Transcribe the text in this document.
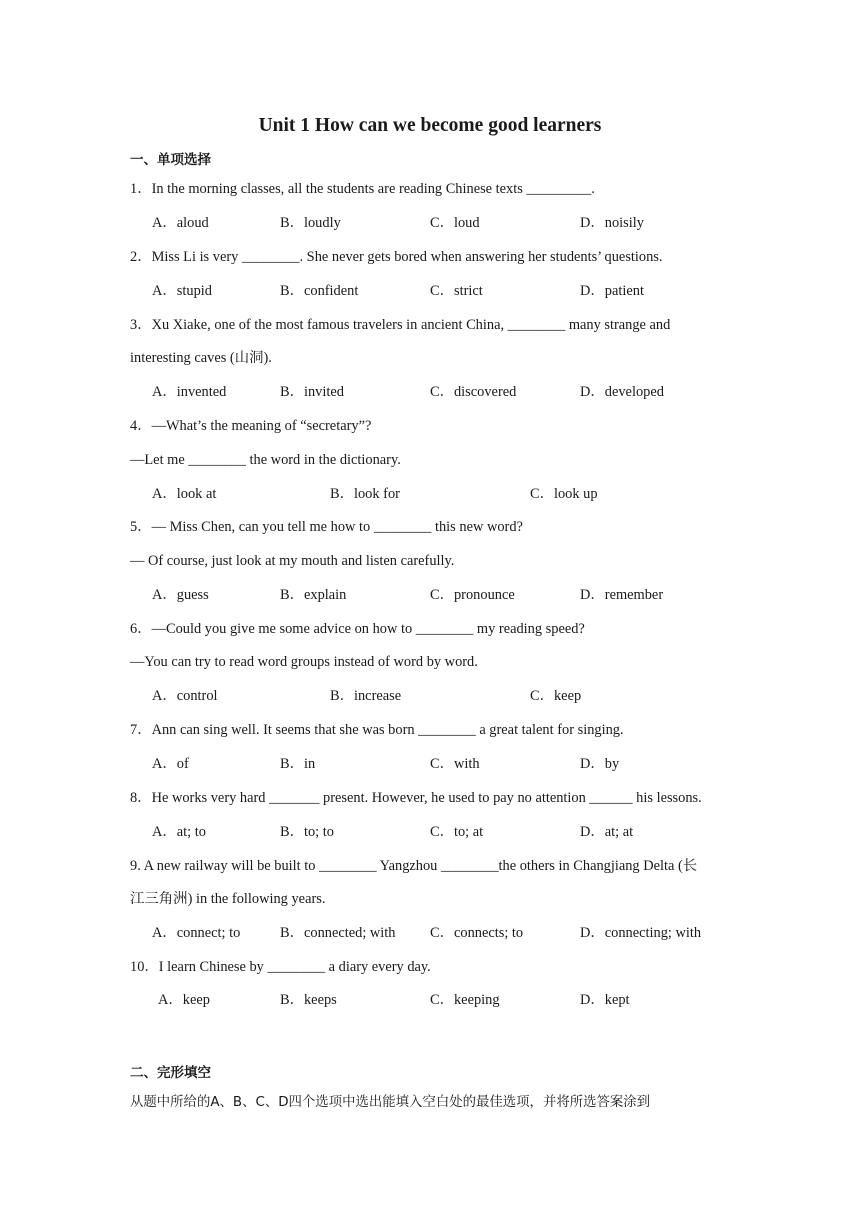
Unit 1 How can we become good learners
一、单项选择
1．In the morning classes, all the students are reading Chinese texts _________.
A．aloud	B．loudly	C．loud	D．noisily
2．Miss Li is very ________. She never gets bored when answering her students’ questions.
A．stupid	B．confident	C．strict	D．patient
3．Xu Xiake, one of the most famous travelers in ancient China, ________ many strange and
interesting caves (山洞).
A．invented	B．invited	C．discovered	D．developed
4．—What’s the meaning of “secretary”?
—Let me ________ the word in the dictionary.
A．look at	B．look for	C．look up
5．— Miss Chen, can you tell me how to ________ this new word?
— Of course, just look at my mouth and listen carefully.
A．guess	B．explain	C．pronounce	D．remember
6．—Could you give me some advice on how to ________ my reading speed?
—You can try to read word groups instead of word by word.
A．control	B．increase	C．keep
7．Ann can sing well. It seems that she was born ________ a great talent for singing.
A．of	B．in	C．with	D．by
8．He works very hard _______ present. However, he used to pay no attention ______ his lessons.
A．at; to	B．to; to	C．to; at	D．at; at
9. A new railway will be built to ________ Yangzhou ________the others in Changjiang Delta (长
江三角洲) in the following years.
A．connect; to	B．connected; with C．connects; to	D．connecting; with
10．I learn Chinese by ________ a diary every day.
A．keep	B．keeps	C．keeping	D．kept
二、完形填空
从题中所给的A、B、C、D四个选项中选出能填入空白处的最佳选项，并将所选答案涂到
